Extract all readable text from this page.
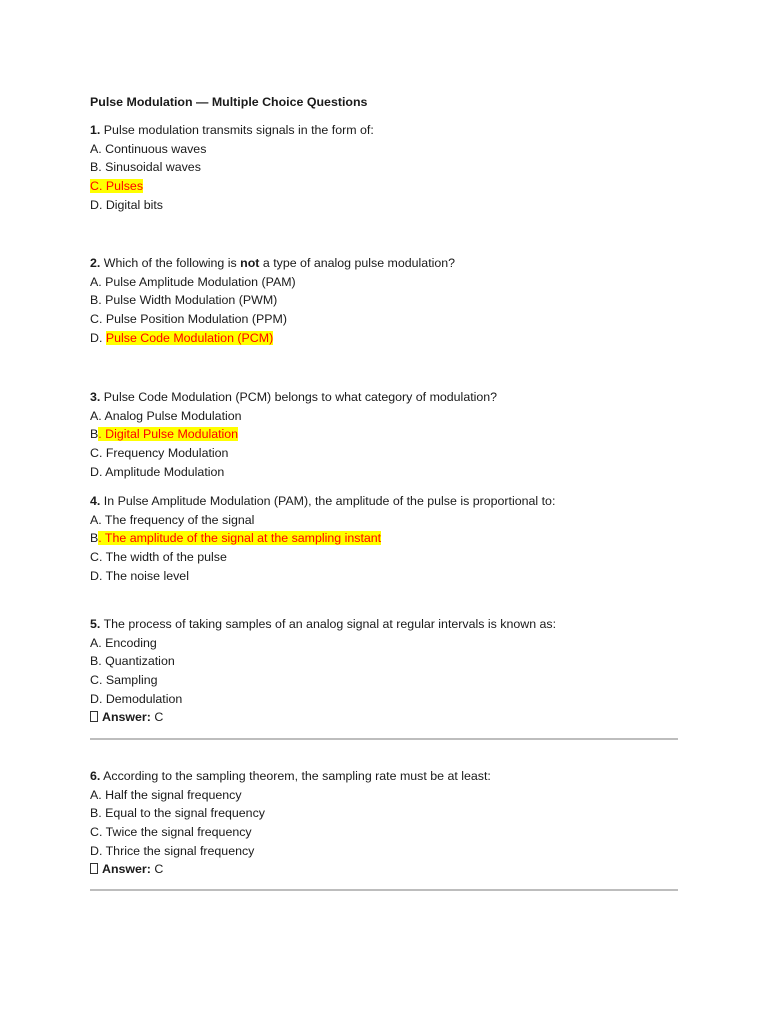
Pulse Modulation — Multiple Choice Questions
1. Pulse modulation transmits signals in the form of:
A. Continuous waves
B. Sinusoidal waves
C. Pulses
D. Digital bits
2. Which of the following is not a type of analog pulse modulation?
A. Pulse Amplitude Modulation (PAM)
B. Pulse Width Modulation (PWM)
C. Pulse Position Modulation (PPM)
D. Pulse Code Modulation (PCM)
3. Pulse Code Modulation (PCM) belongs to what category of modulation?
A. Analog Pulse Modulation
B. Digital Pulse Modulation
C. Frequency Modulation
D. Amplitude Modulation
4. In Pulse Amplitude Modulation (PAM), the amplitude of the pulse is proportional to:
A. The frequency of the signal
B. The amplitude of the signal at the sampling instant
C. The width of the pulse
D. The noise level
5. The process of taking samples of an analog signal at regular intervals is known as:
A. Encoding
B. Quantization
C. Sampling
D. Demodulation
Answer: C
6. According to the sampling theorem, the sampling rate must be at least:
A. Half the signal frequency
B. Equal to the signal frequency
C. Twice the signal frequency
D. Thrice the signal frequency
Answer: C
